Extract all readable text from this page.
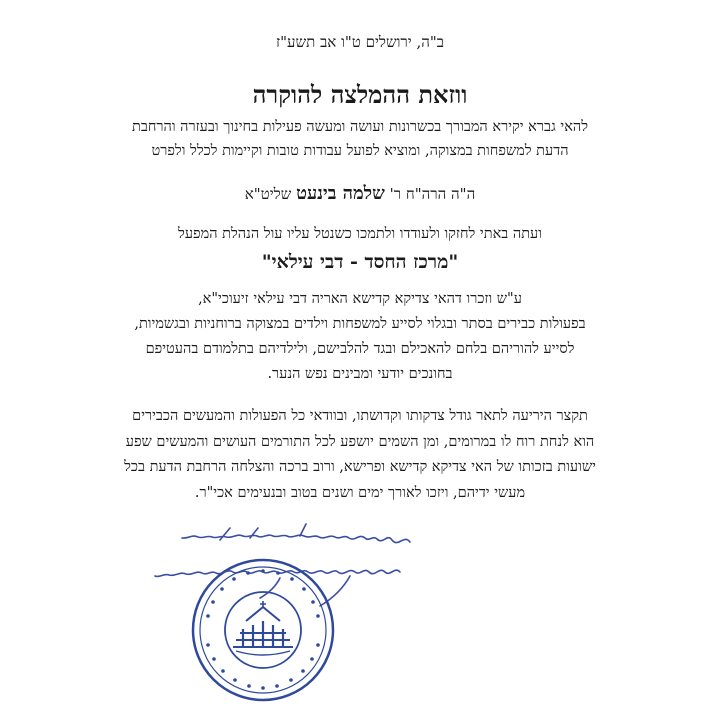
ב"ה, ירושלים ט"ו אב תשע"ז
ווזאת ההמלצה להוקרה
להאי גברא יקירא המבורך בכשרונות ועושה ומעשה פעילות בחינוך ובעזרה והרחבת
הדעת למשפחות במצוקה, ומוציא לפועל עבודות טובות וקיימות לכלל ולפרט
ה"ה הרה"ח ר' שלמה בינעט שליט"א
ועתה באתי לחזקו ולעודדו ולתמכו כשנטל עליו עול הנהלת המפעל
"מרכז החסד - דבי עילאי"
ע"ש וזכרו דהאי צדיקא קדישא האריה דבי עילאי זיעוכי"א,
בפעולות כבירים בסתר ובגלוי לסייע למשפחות וילדים במצוקה ברוחניות ובגשמיות,
לסייע להוריהם בלחם להאכילם ובגד להלבישם, ולילדיהם בתלמודם בהעטיפם
בחונכים יודעי ומבינים נפש הנער.
תקצר היריעה לתאר גודל צדקותו וקדושתו, ובוודאי כל הפעולות והמעשים הכבירים
הוא לנחת רוח לו במרומים, ומן השמים יושפע לכל התורמים העושים והמעשים שפע
ישועות בזכותו של האי צדיקא קדישא ופרישא, ורוב ברכה והצלחה הרחבת הדעת בכל
מעשי ידיהם, ויזכו לאורך ימים ושנים בטוב ובנעימים אכי"ר.
